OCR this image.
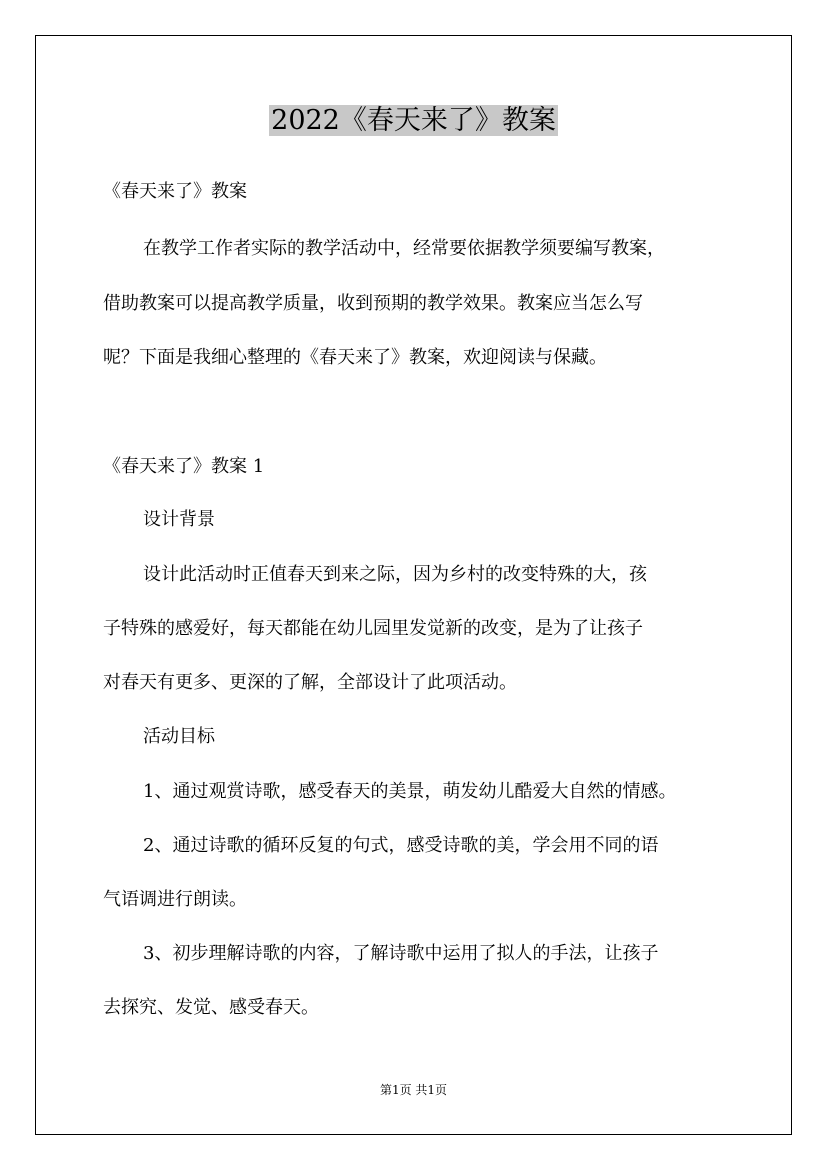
2022《春天来了》教案

《春天来了》教案

在教学工作者实际的教学活动中，经常要依据教学须要编写教案，

借助教案可以提高教学质量，收到预期的教学效果。教案应当怎么写

呢？下面是我细心整理的《春天来了》教案，欢迎阅读与保藏。

《春天来了》教案 1

设计背景

设计此活动时正值春天到来之际，因为乡村的改变特殊的大，孩

子特殊的感爱好，每天都能在幼儿园里发觉新的改变，是为了让孩子

对春天有更多、更深的了解，全部设计了此项活动。

活动目标

1、通过观赏诗歌，感受春天的美景，萌发幼儿酷爱大自然的情感。

2、通过诗歌的循环反复的句式，感受诗歌的美，学会用不同的语

气语调进行朗读。

3、初步理解诗歌的内容，了解诗歌中运用了拟人的手法，让孩子

去探究、发觉、感受春天。

第1页 共1页
